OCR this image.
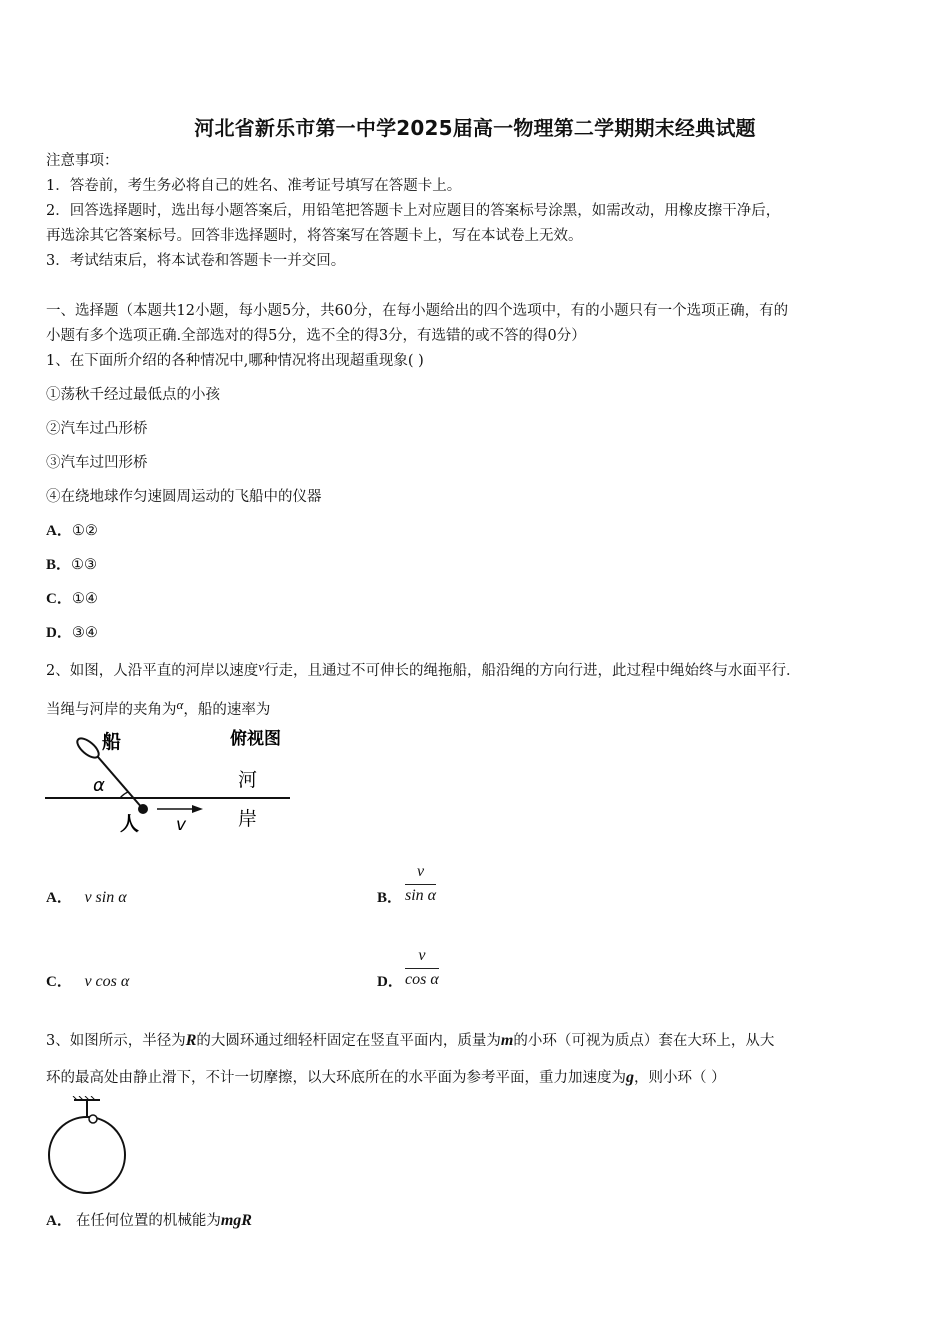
河北省新乐市第一中学2025届高一物理第二学期期末经典试题
注意事项：
1．答卷前，考生务必将自己的姓名、准考证号填写在答题卡上。
2．回答选择题时，选出每小题答案后，用铅笔把答题卡上对应题目的答案标号涂黑，如需改动，用橡皮擦干净后，
再选涂其它答案标号。回答非选择题时，将答案写在答题卡上，写在本试卷上无效。
3．考试结束后，将本试卷和答题卡一并交回。
一、选择题（本题共12小题，每小题5分，共60分，在每小题给出的四个选项中，有的小题只有一个选项正确，有的
小题有多个选项正确.全部选对的得5分，选不全的得3分，有选错的或不答的得0分）
1、在下面所介绍的各种情况中,哪种情况将出现超重现象( )
①荡秋千经过最低点的小孩
②汽车过凸形桥
③汽车过凹形桥
④在绕地球作匀速圆周运动的飞船中的仪器
A．①②
B．①③
C．①④
D．③④
2、如图，人沿平直的河岸以速度v行走，且通过不可伸长的绳拖船，船沿绳的方向行进，此过程中绳始终与水面平行．
当绳与河岸的夹角为α，船的速率为
船	俯视图
河
岸
人
α
v
A． v sin α	B．
v
sin α
C． v cos α	D．
v
cos α
3、如图所示，半径为R的大圆环通过细轻杆固定在竖直平面内，质量为m的小环（可视为质点）套在大环上，从大
环的最高处由静止滑下，不计一切摩擦，以大环底所在的水平面为参考平面，重力加速度为g，则小环（ ）
A． 在任何位置的机械能为mgR
